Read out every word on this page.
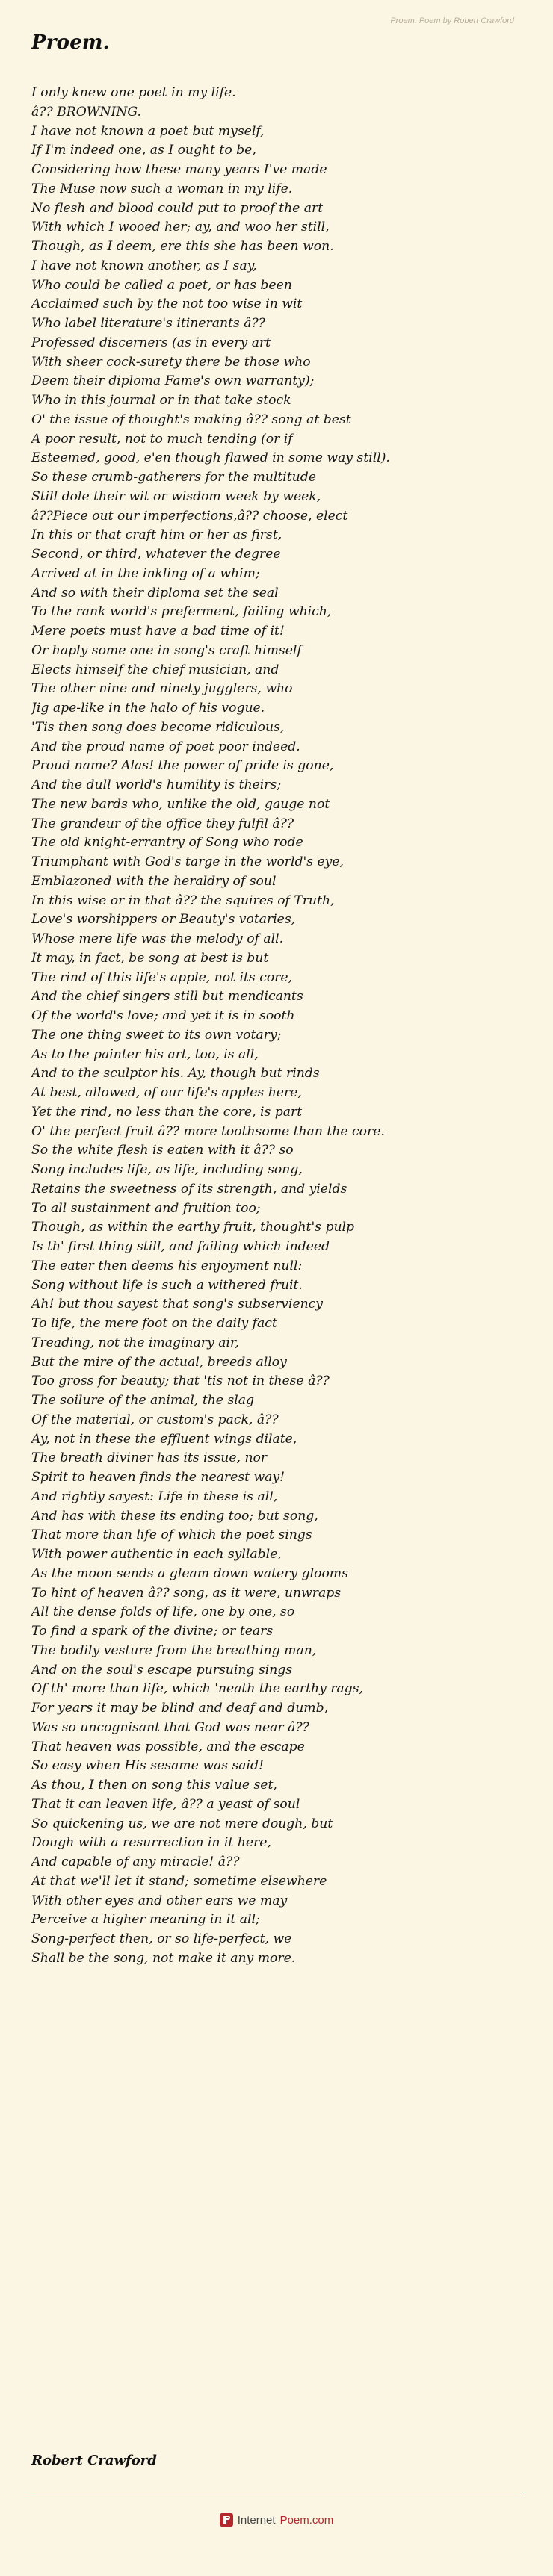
Proem. Poem by Robert Crawford
Proem.
I only knew one poet in my life.
â?? BROWNING.
I have not known a poet but myself,
If I'm indeed one, as I ought to be,
Considering how these many years I've made
The Muse now such a woman in my life.
No flesh and blood could put to proof the art
With which I wooed her; ay, and woo her still,
Though, as I deem, ere this she has been won.
I have not known another, as I say,
Who could be called a poet, or has been
Acclaimed such by the not too wise in wit
Who label literature's itinerants â??
Professed discerners (as in every art
With sheer cock-surety there be those who
Deem their diploma Fame's own warranty);
Who in this journal or in that take stock
O' the issue of thought's making â?? song at best
A poor result, not to much tending (or if
Esteemed, good, e'en though flawed in some way still).
So these crumb-gatherers for the multitude
Still dole their wit or wisdom week by week,
â??Piece out our imperfections,â?? choose, elect
In this or that craft him or her as first,
Second, or third, whatever the degree
Arrived at in the inkling of a whim;
And so with their diploma set the seal
To the rank world's preferment, failing which,
Mere poets must have a bad time of it!
Or haply some one in song's craft himself
Elects himself the chief musician, and
The other nine and ninety jugglers, who
Jig ape-like in the halo of his vogue.
'Tis then song does become ridiculous,
And the proud name of poet poor indeed.
Proud name? Alas! the power of pride is gone,
And the dull world's humility is theirs;
The new bards who, unlike the old, gauge not
The grandeur of the office they fulfil â??
The old knight-errantry of Song who rode
Triumphant with God's targe in the world's eye,
Emblazoned with the heraldry of soul
In this wise or in that â?? the squires of Truth,
Love's worshippers or Beauty's votaries,
Whose mere life was the melody of all.
It may, in fact, be song at best is but
The rind of this life's apple, not its core,
And the chief singers still but mendicants
Of the world's love; and yet it is in sooth
The one thing sweet to its own votary;
As to the painter his art, too, is all,
And to the sculptor his. Ay, though but rinds
At best, allowed, of our life's apples here,
Yet the rind, no less than the core, is part
O' the perfect fruit â?? more toothsome than the core.
So the white flesh is eaten with it â?? so
Song includes life, as life, including song,
Retains the sweetness of its strength, and yields
To all sustainment and fruition too;
Though, as within the earthy fruit, thought's pulp
Is th' first thing still, and failing which indeed
The eater then deems his enjoyment null:
Song without life is such a withered fruit.
Ah! but thou sayest that song's subserviency
To life, the mere foot on the daily fact
Treading, not the imaginary air,
But the mire of the actual, breeds alloy
Too gross for beauty; that 'tis not in these â??
The soilure of the animal, the slag
Of the material, or custom's pack, â??
Ay, not in these the effluent wings dilate,
The breath diviner has its issue, nor
Spirit to heaven finds the nearest way!
And rightly sayest: Life in these is all,
And has with these its ending too; but song,
That more than life of which the poet sings
With power authentic in each syllable,
As the moon sends a gleam down watery glooms
To hint of heaven â?? song, as it were, unwraps
All the dense folds of life, one by one, so
To find a spark of the divine; or tears
The bodily vesture from the breathing man,
And on the soul's escape pursuing sings
Of th' more than life, which 'neath the earthy rags,
For years it may be blind and deaf and dumb,
Was so uncognisant that God was near â??
That heaven was possible, and the escape
So easy when His sesame was said!
As thou, I then on song this value set,
That it can leaven life, â?? a yeast of soul
So quickening us, we are not mere dough, but
Dough with a resurrection in it here,
And capable of any miracle! â??
At that we'll let it stand; sometime elsewhere
With other eyes and other ears we may
Perceive a higher meaning in it all;
Song-perfect then, or so life-perfect, we
Shall be the song, not make it any more.
Robert Crawford
Internet Poem.com
